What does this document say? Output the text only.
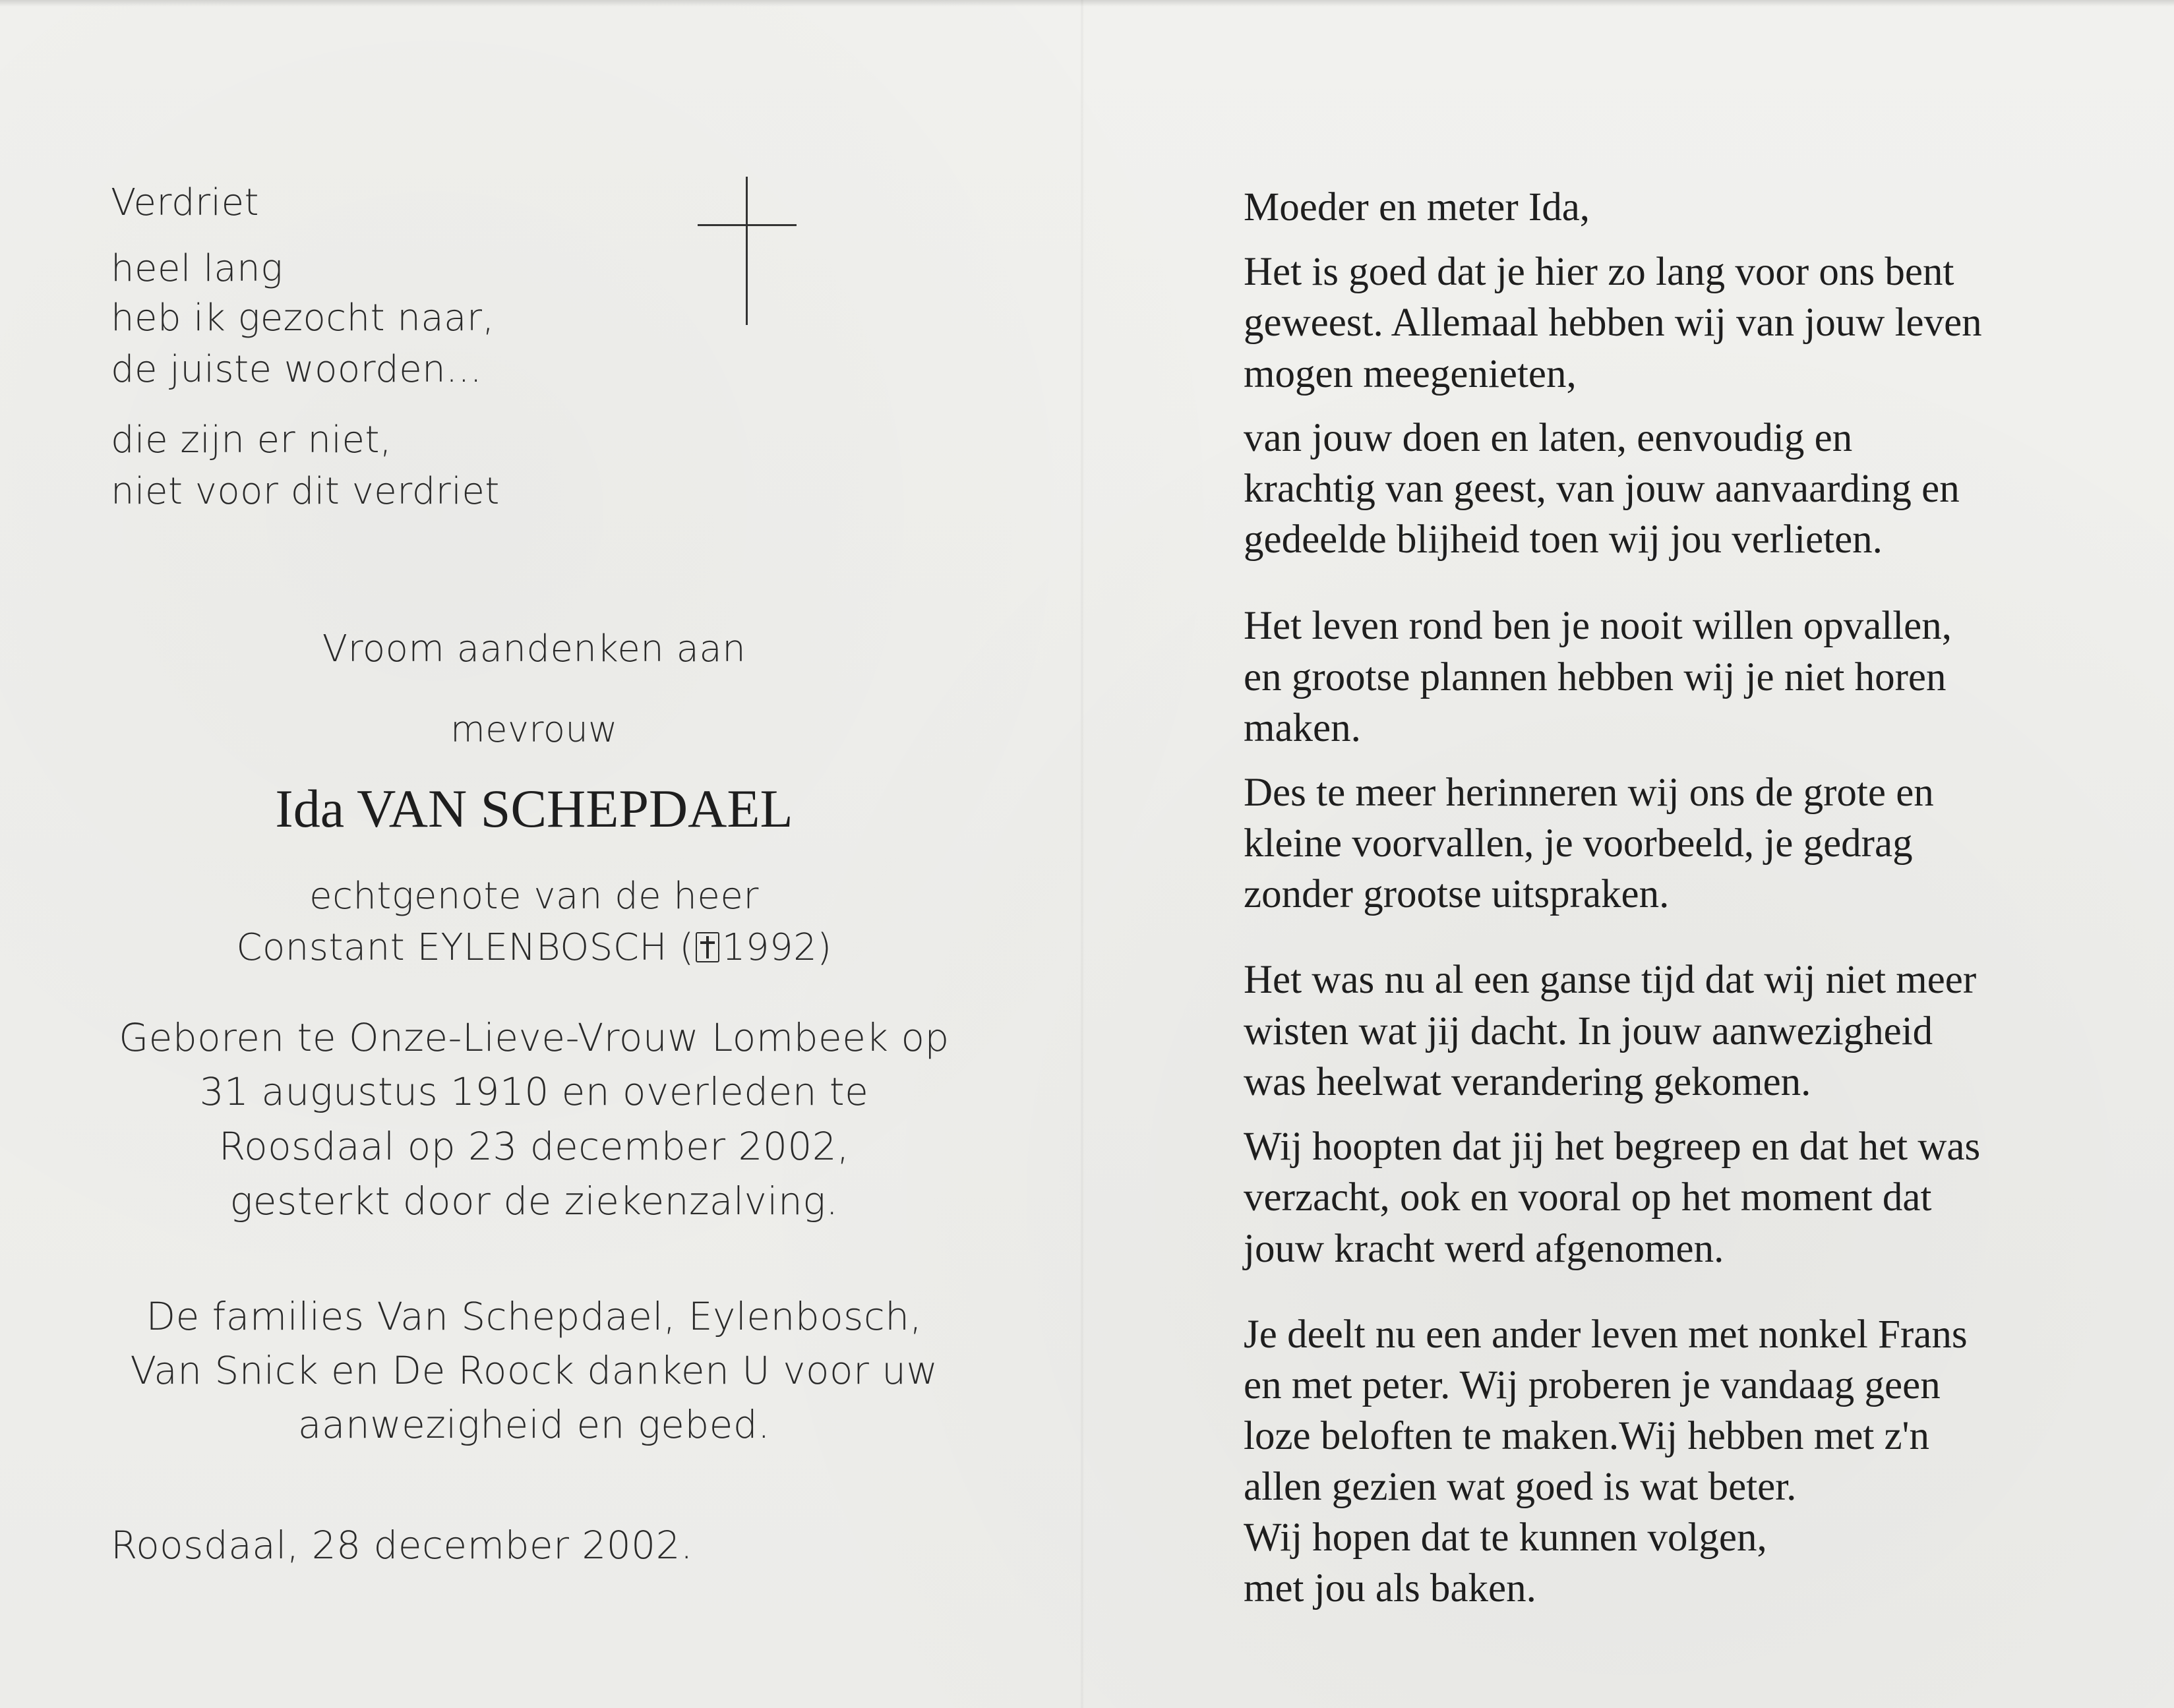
Verdriet
heel lang
heb ik gezocht naar,
de juiste woorden...
die zijn er niet,
niet voor dit verdriet
Vroom aandenken aan
mevrouw
Ida VAN SCHEPDAEL
echtgenote van de heer
Constant EYLENBOSCH ( 1992)
Geboren te Onze-Lieve-Vrouw Lombeek op
31 augustus 1910 en overleden te
Roosdaal op 23 december 2002,
gesterkt door de ziekenzalving.
De families Van Schepdael, Eylenbosch,
Van Snick en De Roock danken U voor uw
aanwezigheid en gebed.
Roosdaal, 28 december 2002.
Moeder en meter Ida,
Het is goed dat je hier zo lang voor ons bent
geweest. Allemaal hebben wij van jouw leven
mogen meegenieten,
van jouw doen en laten, eenvoudig en
krachtig van geest, van jouw aanvaarding en
gedeelde blijheid toen wij jou verlieten.
Het leven rond ben je nooit willen opvallen,
en grootse plannen hebben wij je niet horen
maken.
Des te meer herinneren wij ons de grote en
kleine voorvallen, je voorbeeld, je gedrag
zonder grootse uitspraken.
Het was nu al een ganse tijd dat wij niet meer
wisten wat jij dacht. In jouw aanwezigheid
was heelwat verandering gekomen.
Wij hoopten dat jij het begreep en dat het was
verzacht, ook en vooral op het moment dat
jouw kracht werd afgenomen.
Je deelt nu een ander leven met nonkel Frans
en met peter. Wij proberen je vandaag geen
loze beloften te maken.Wij hebben met z'n
allen gezien wat goed is wat beter.
Wij hopen dat te kunnen volgen,
met jou als baken.
